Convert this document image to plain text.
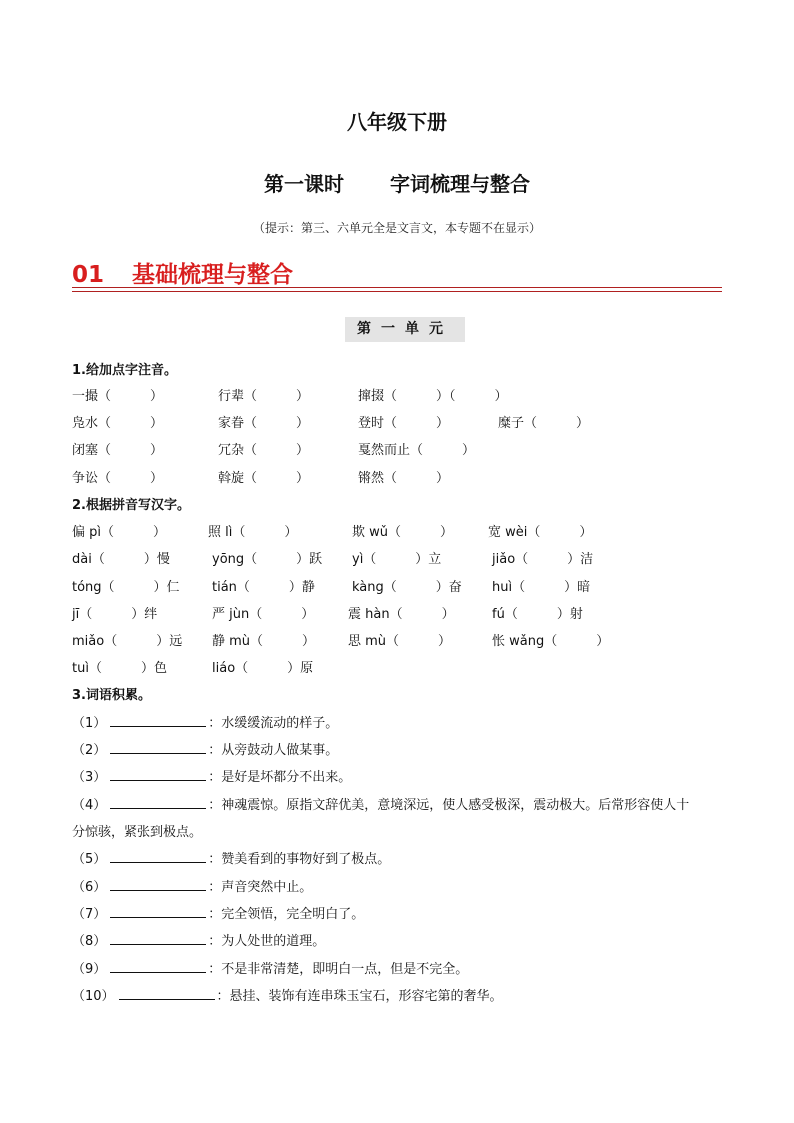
八年级下册
第一课时 字词梳理与整合
（提示：第三、六单元全是文言文，本专题不在显示）
01 基础梳理与整合
第一单元
1.给加点字注音。
一撮（　　　）	行辈（　　　）	撺掇（　　　）（　　　）
凫水（　　　）	家眷（　　　）	登时（　　　）	糜子（　　　）
闭塞（　　　）	冗杂（　　　）	戛然而止（　　　）
争讼（　　　）	斡旋（　　　）	锵然（　　　）
2.根据拼音写汉字。
偏 pì（　　　）	照 lì（　　　）	欺 wǔ（　　　）	宽 wèi（　　　）
dài（　　　）慢	yōng（　　　）跃 yì（　　　）立	jiǎo（　　　）洁
tóng（　　　）仁 tián（　　　）静	kàng（　　　）奋 huì（　　　）暗
jī（　　　）绊	严 jùn（　　　）	震 hàn（　　　）	fú（　　　）射
miǎo（　　　）远 静 mù（　　　）	思 mù（　　　）	怅 wǎng（　　　）
tuì（　　　）色	liáo（　　　）原
3.词语积累。
（1）	：水缓缓流动的样子。
（2）	：从旁鼓动人做某事。
（3）	：是好是坏都分不出来。
（4）	：神魂震惊。原指文辞优美，意境深远，使人感受极深，震动极大。后常形容使人十
分惊骇，紧张到极点。
（5）	：赞美看到的事物好到了极点。
（6）	：声音突然中止。
（7）	：完全领悟，完全明白了。
（8）	：为人处世的道理。
（9）	：不是非常清楚，即明白一点，但是不完全。
（10）	：悬挂、装饰有连串珠玉宝石，形容宅第的奢华。
